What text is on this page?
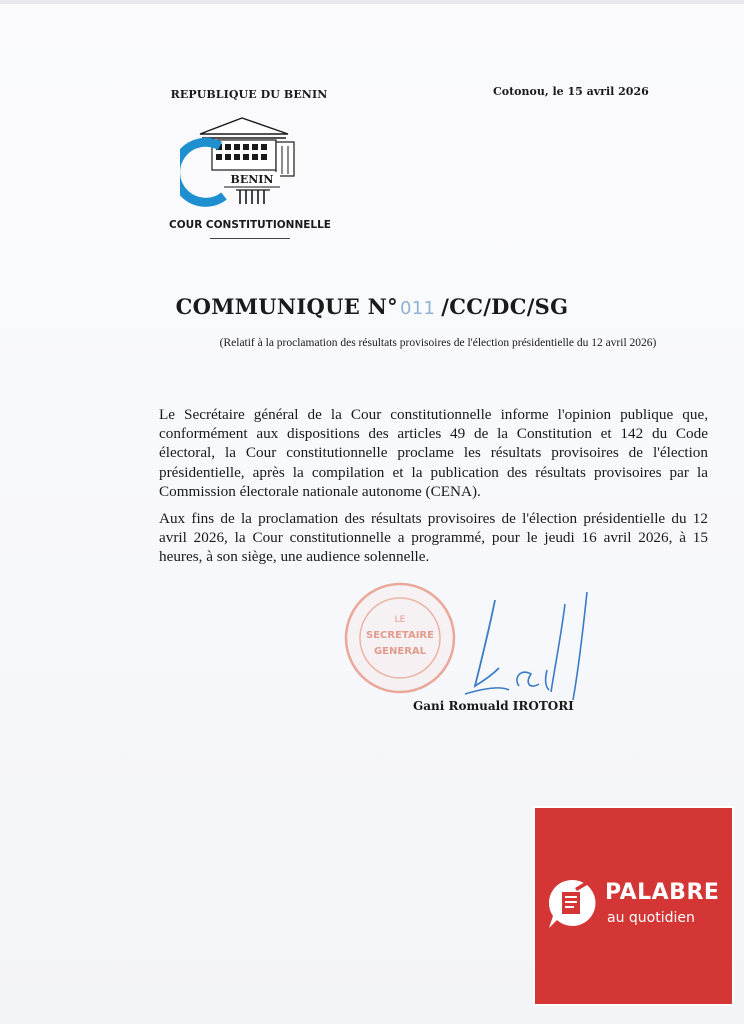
REPUBLIQUE DU BENIN	Cotonou, le 15 avril 2026
BENIN
COUR CONSTITUTIONNELLE
COMMUNIQUE N° 011 /CC/DC/SG
(Relatif à la proclamation des résultats provisoires de l'élection présidentielle du 12 avril 2026)

Le Secrétaire général de la Cour constitutionnelle informe l'opinion publique que, conformément aux dispositions des articles 49 de la Constitution et 142 du Code électoral, la Cour constitutionnelle proclame les résultats provisoires de l'élection présidentielle, après la compilation et la publication des résultats provisoires par la Commission électorale nationale autonome (CENA).

Aux fins de la proclamation des résultats provisoires de l'élection présidentielle du 12 avril 2026, la Cour constitutionnelle a programmé, pour le jeudi 16 avril 2026, à 15 heures, à son siège, une audience solennelle.

LE
SECRETAIRE
GENERAL
Gani Romuald IROTORI
PALABRE
au quotidien
